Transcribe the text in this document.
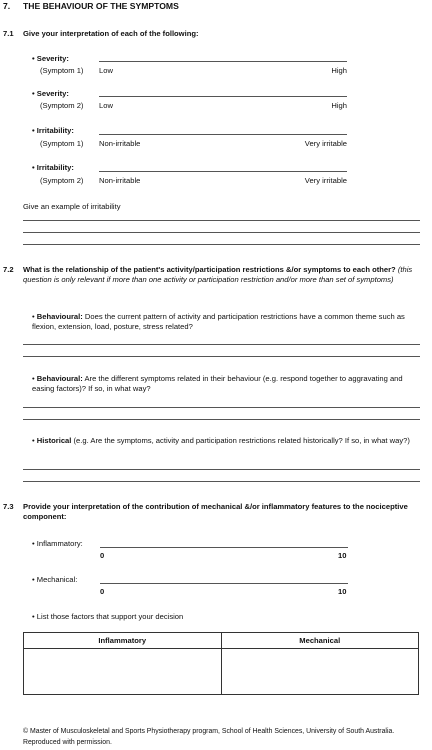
7. THE BEHAVIOUR OF THE SYMPTOMS
7.1 Give your interpretation of each of the following:
• Severity:
(Symptom 1) Low	High
• Severity:
(Symptom 2) Low	High
• Irritability:
(Symptom 1) Non-irritable	Very irritable
• Irritability:
(Symptom 2) Non-irritable	Very irritable
Give an example of irritability
7.2 What is the relationship of the patient's activity/participation restrictions &/or symptoms to each other? (this question is only relevant if more than one activity or participation restriction and/or more than set of symptoms)
• Behavioural: Does the current pattern of activity and participation restrictions have a common theme such as flexion, extension, load, posture, stress related?
• Behavioural: Are the different symptoms related in their behaviour (e.g. respond together to aggravating and easing factors)? If so, in what way?
• Historical (e.g. Are the symptoms, activity and participation restrictions related historically? If so, in what way?)
7.3 Provide your interpretation of the contribution of mechanical &/or inflammatory features to the nociceptive component:
• Inflammatory:
0	10
• Mechanical:
0	10
• List those factors that support your decision
Inflammatory	Mechanical

© Master of Musculoskeletal and Sports Physiotherapy program, School of Health Sciences, University of South Australia.
Reproduced with permission.
